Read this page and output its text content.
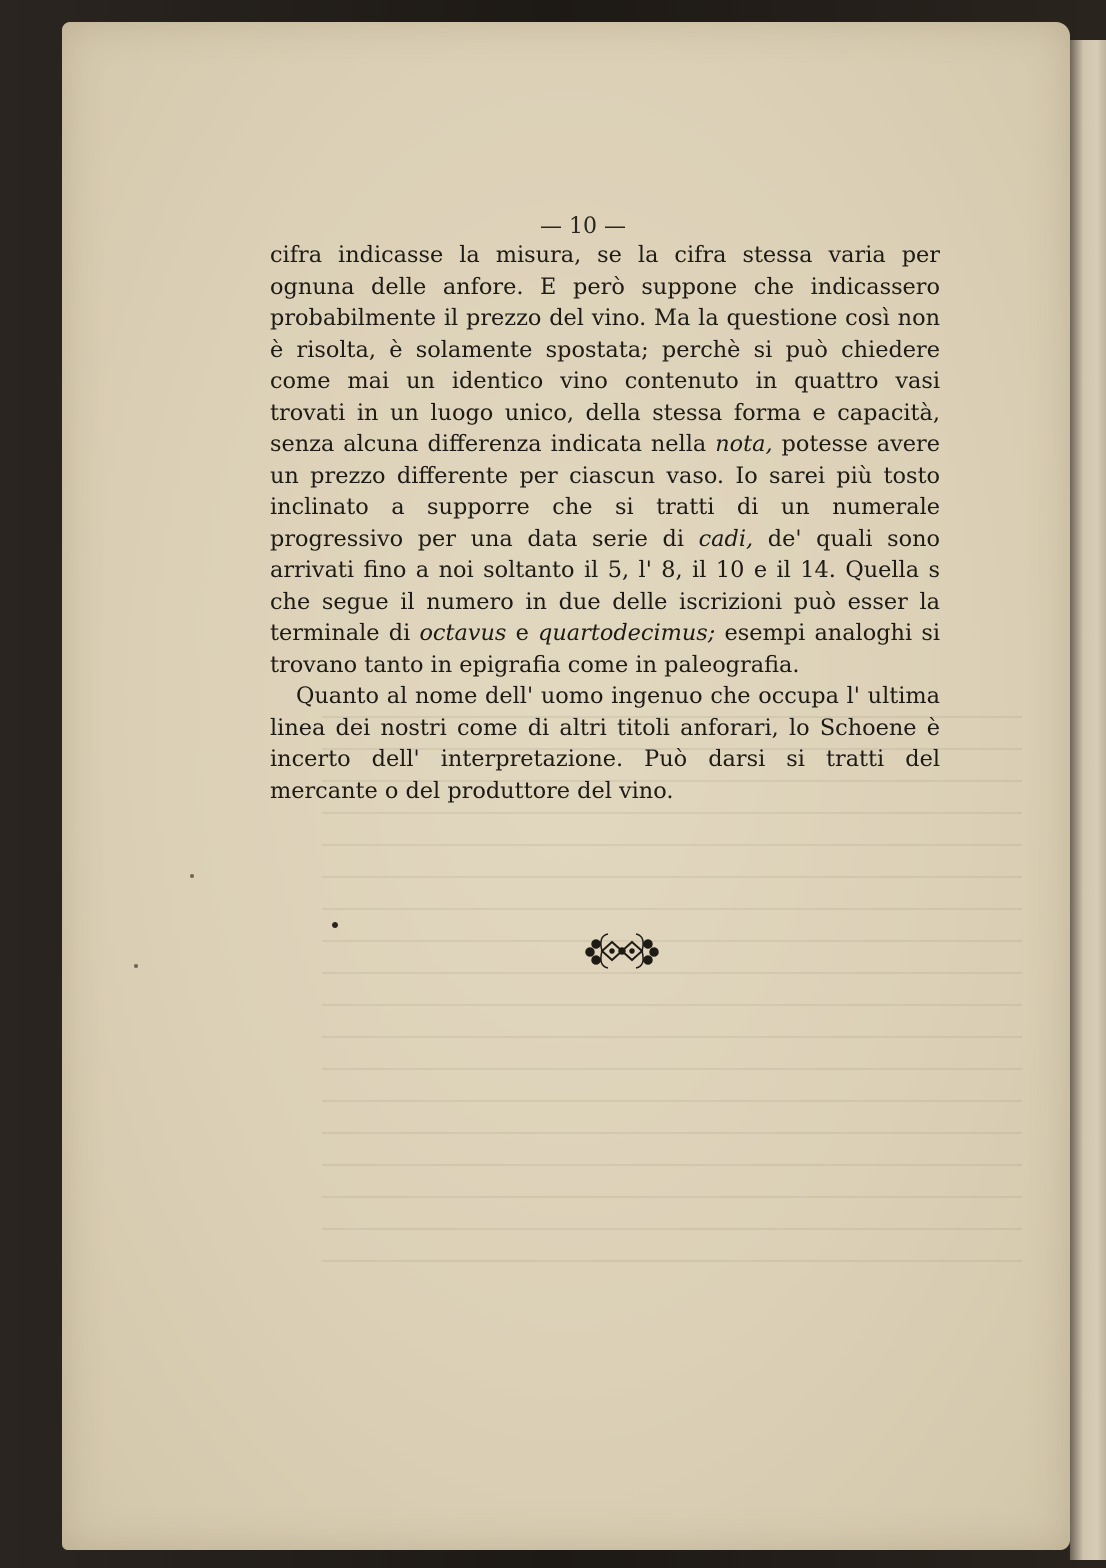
— 10 —

cifra indicasse la misura, se la cifra stessa varia per ognuna delle anfore. E però suppone che indicassero probabilmente il prezzo del vino. Ma la questione così non è risolta, è solamente spostata; perchè si può chiedere come mai un identico vino contenuto in quattro vasi trovati in un luogo unico, della stessa forma e capacità, senza alcuna differenza indicata nella nota, potesse avere un prezzo differente per ciascun vaso. Io sarei più tosto inclinato a supporre che si tratti di un numerale progressivo per una data serie di cadi, de' quali sono arrivati fino a noi soltanto il 5, l' 8, il 10 e il 14. Quella s che segue il numero in due delle iscrizioni può esser la terminale di octavus e quartodecimus; esempi analoghi si trovano tanto in epigrafia come in paleografia.

Quanto al nome dell' uomo ingenuo che occupa l' ultima linea dei nostri come di altri titoli anforari, lo Schoene è incerto dell' interpretazione. Può darsi si tratti del mercante o del produttore del vino.
